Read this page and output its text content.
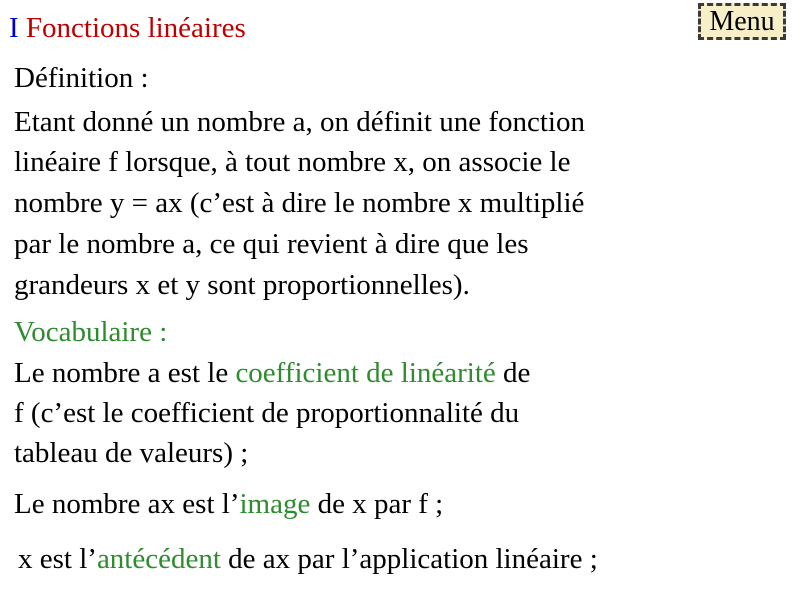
I Fonctions linéaires	Menu
Définition :
Etant donné un nombre a, on définit une fonction
linéaire f lorsque, à tout nombre x, on associe le
nombre y = ax (c’est à dire le nombre x multiplié
par le nombre a, ce qui revient à dire que les
grandeurs x et y sont proportionnelles).
Vocabulaire :
Le nombre a est le coefficient de linéarité de
f (c’est le coefficient de proportionnalité du
tableau de valeurs) ;
Le nombre ax est l’image de x par f ;
x est l’antécédent de ax par l’application linéaire ;
